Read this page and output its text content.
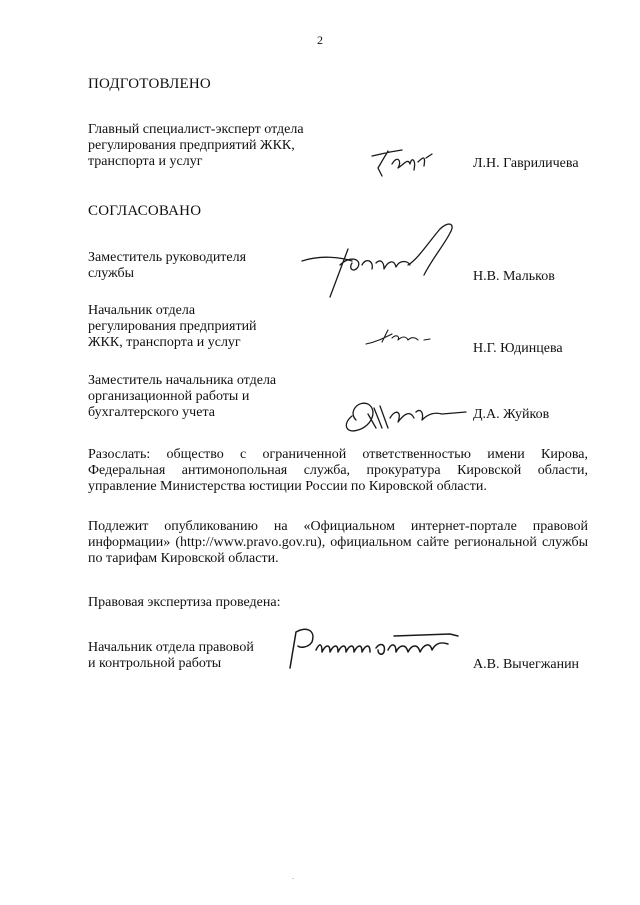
2
ПОДГОТОВЛЕНО
Главный специалист-эксперт отдела
регулирования предприятий ЖКК,
транспорта и услуг	Л.Н. Гавриличева
СОГЛАСОВАНО
Заместитель руководителя
службы	Н.В. Мальков
Начальник отдела
регулирования предприятий
ЖКК, транспорта и услуг	Н.Г. Юдинцева
Заместитель начальника отдела
организационной работы и
бухгалтерского учета	Д.А. Жуйков
Разослать: общество с ограниченной ответственностью имени Кирова, Федеральная антимонопольная служба, прокуратура Кировской области, управление Министерства юстиции России по Кировской области.
Подлежит опубликованию на «Официальном интернет-портале правовой информации» (http://www.pravo.gov.ru), официальном сайте региональной службы по тарифам Кировской области.
Правовая экспертиза проведена:
Начальник отдела правовой
и контрольной работы	А.В. Вычегжанин
